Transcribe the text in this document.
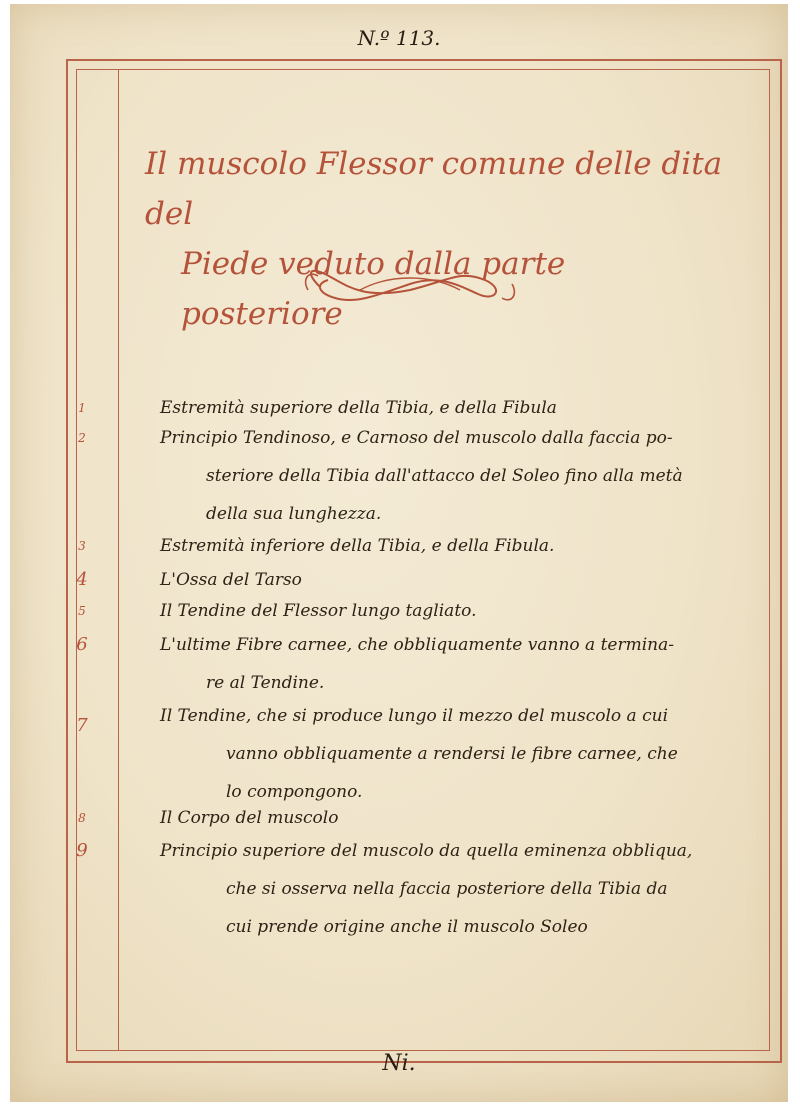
N.º 113.
Il muscolo Flessor comune delle dita del
Piede veduto dalla parte posteriore
1	Estremità superiore della Tibia, e della Fibula
2	Principio Tendinoso, e Carnoso del muscolo dalla faccia po-
steriore della Tibia dall'attacco del Soleo fino alla metà
della sua lunghezza.
3	Estremità inferiore della Tibia, e della Fibula.
4	L'Ossa del Tarso
5	Il Tendine del Flessor lungo tagliato.
6	L'ultime Fibre carnee, che obbliquamente vanno a termina-
re al Tendine.
7	Il Tendine, che si produce lungo il mezzo del muscolo a cui
vanno obbliquamente a rendersi le fibre carnee, che
lo compongono.
8	Il Corpo del muscolo
9	Principio superiore del muscolo da quella eminenza obbliqua,
che si osserva nella faccia posteriore della Tibia da
cui prende origine anche il muscolo Soleo
Ni.
